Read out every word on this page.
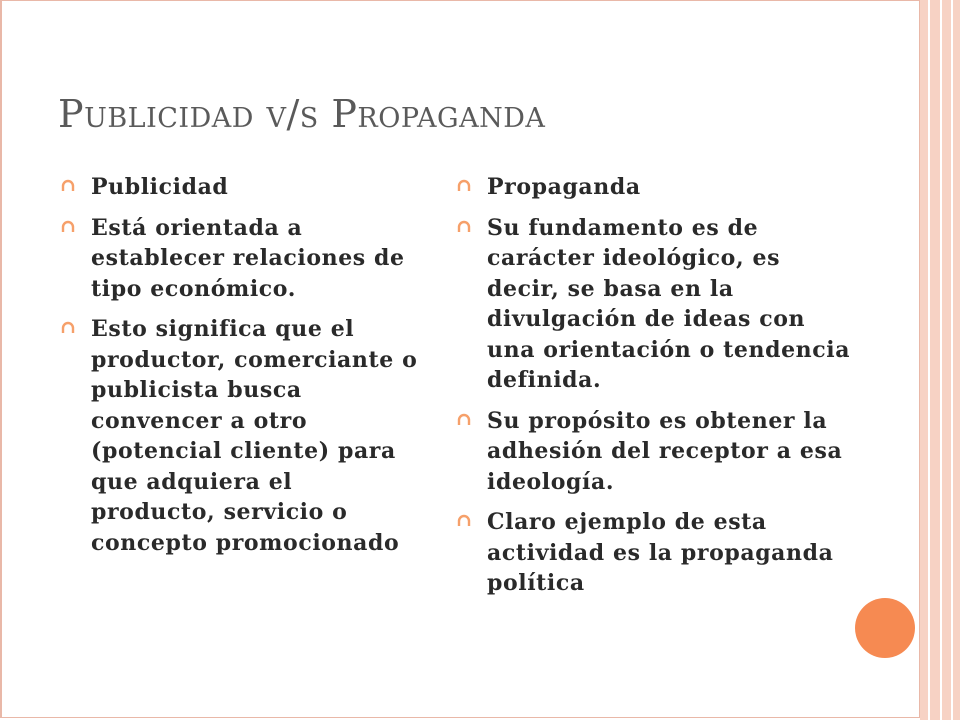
Publicidad v/s Propaganda
Publicidad
Está orientada a establecer relaciones de tipo económico.
Esto significa que el productor, comerciante o publicista busca convencer a otro (potencial cliente) para que adquiera el producto, servicio o concepto promocionado
Propaganda
Su fundamento es de carácter ideológico, es decir, se basa en la divulgación de ideas con una orientación o tendencia definida.
Su propósito es obtener la adhesión del receptor a esa ideología.
Claro ejemplo de esta actividad es la propaganda política
